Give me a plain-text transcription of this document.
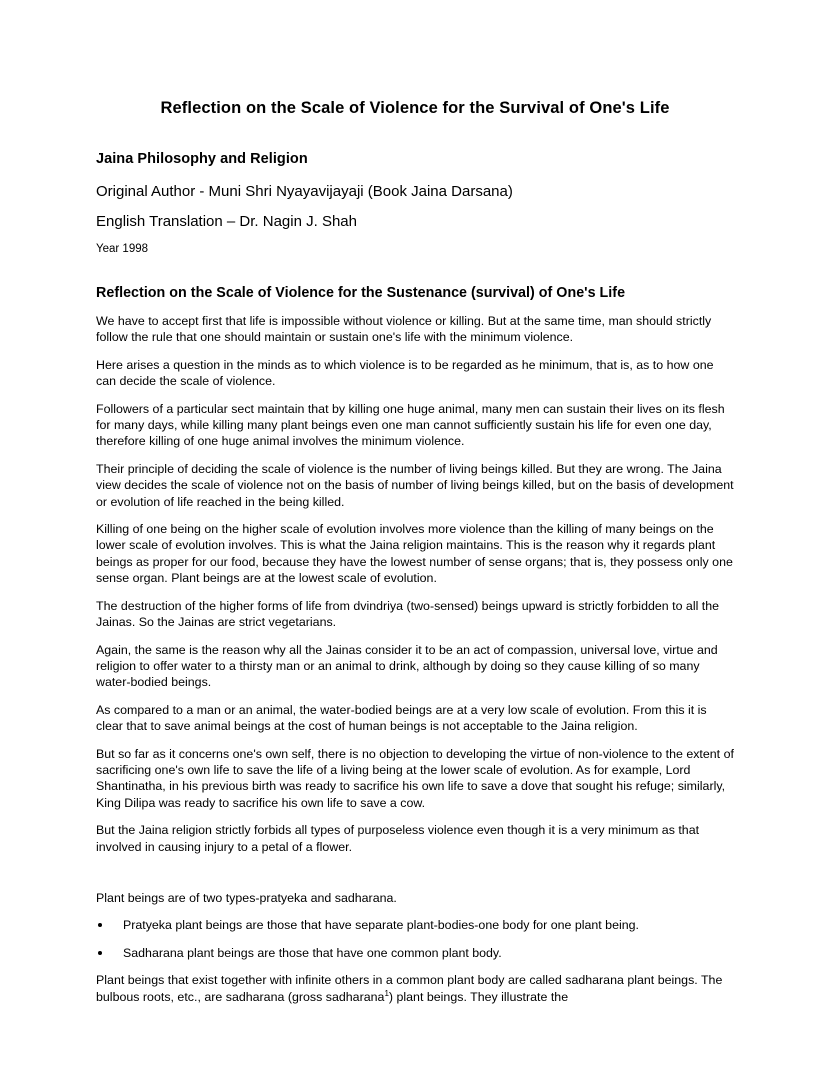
Reflection on the Scale of Violence for the Survival of One's Life
Jaina Philosophy and Religion

Original Author - Muni Shri Nyayavijayaji (Book Jaina Darsana)

English Translation – Dr. Nagin J. Shah

Year 1998

Reflection on the Scale of Violence for the Sustenance (survival) of One's Life

We have to accept first that life is impossible without violence or killing. But at the same time, man should strictly follow the rule that one should maintain or sustain one's life with the minimum violence.

Here arises a question in the minds as to which violence is to be regarded as he minimum, that is, as to how one can decide the scale of violence.

Followers of a particular sect maintain that by killing one huge animal, many men can sustain their lives on its flesh for many days, while killing many plant beings even one man cannot sufficiently sustain his life for even one day, therefore killing of one huge animal involves the minimum violence.

Their principle of deciding the scale of violence is the number of living beings killed. But they are wrong. The Jaina view decides the scale of violence not on the basis of number of living beings killed, but on the basis of development or evolution of life reached in the being killed.

Killing of one being on the higher scale of evolution involves more violence than the killing of many beings on the lower scale of evolution involves. This is what the Jaina religion maintains. This is the reason why it regards plant beings as proper for our food, because they have the lowest number of sense organs; that is, they possess only one sense organ. Plant beings are at the lowest scale of evolution.

The destruction of the higher forms of life from dvindriya (two-sensed) beings upward is strictly forbidden to all the Jainas. So the Jainas are strict vegetarians.

Again, the same is the reason why all the Jainas consider it to be an act of compassion, universal love, virtue and religion to offer water to a thirsty man or an animal to drink, although by doing so they cause killing of so many water-bodied beings.

As compared to a man or an animal, the water-bodied beings are at a very low scale of evolution. From this it is clear that to save animal beings at the cost of human beings is not acceptable to the Jaina religion.

But so far as it concerns one's own self, there is no objection to developing the virtue of non-violence to the extent of sacrificing one's own life to save the life of a living being at the lower scale of evolution. As for example, Lord Shantinatha, in his previous birth was ready to sacrifice his own life to save a dove that sought his refuge; similarly, King Dilipa was ready to sacrifice his own life to save a cow.

But the Jaina religion strictly forbids all types of purposeless violence even though it is a very minimum as that involved in causing injury to a petal of a flower.

Plant beings are of two types-pratyeka and sadharana.

Pratyeka plant beings are those that have separate plant-bodies-one body for one plant being.
Sadharana plant beings are those that have one common plant body.

Plant beings that exist together with infinite others in a common plant body are called sadharana plant beings. The bulbous roots, etc., are sadharana (gross sadharana$^1$) plant beings. They illustrate the
